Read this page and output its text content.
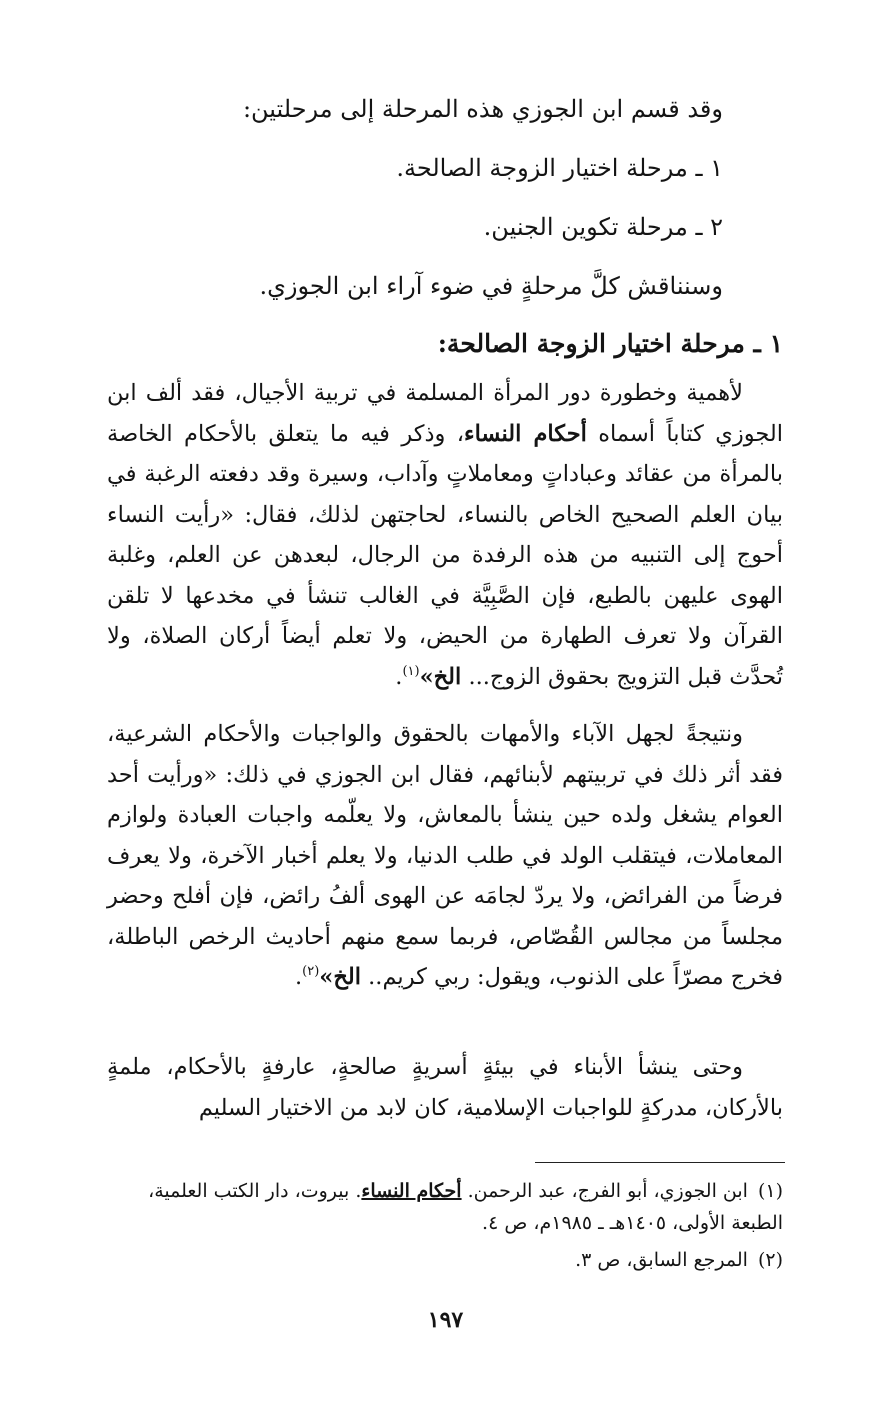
وقد قسم ابن الجوزي هذه المرحلة إلى مرحلتين:

١ ـ مرحلة اختيار الزوجة الصالحة.

٢ ـ مرحلة تكوين الجنين.

وسنناقش كلَّ مرحلةٍ في ضوء آراء ابن الجوزي.

١ ـ مرحلة اختيار الزوجة الصالحة:

لأهمية وخطورة دور المرأة المسلمة في تربية الأجيال، فقد ألف ابن الجوزي كتاباً أسماه أحكام النساء، وذكر فيه ما يتعلق بالأحكام الخاصة بالمرأة من عقائد وعباداتٍ ومعاملاتٍ وآداب، وسيرة وقد دفعته الرغبة في بيان العلم الصحيح الخاص بالنساء، لحاجتهن لذلك، فقال: «رأيت النساء أحوج إلى التنبيه من هذه الرفدة من الرجال، لبعدهن عن العلم، وغلبة الهوى عليهن بالطبع، فإن الصَّبِيَّة في الغالب تنشأ في مخدعها لا تلقن القرآن ولا تعرف الطهارة من الحيض، ولا تعلم أيضاً أركان الصلاة، ولا تُحدَّث قبل التزويج بحقوق الزوج... الخ»$^{(١)}$.

ونتيجةً لجهل الآباء والأمهات بالحقوق والواجبات والأحكام الشرعية، فقد أثر ذلك في تربيتهم لأبنائهم، فقال ابن الجوزي في ذلك: «ورأيت أحد العوام يشغل ولده حين ينشأ بالمعاش، ولا يعلّمه واجبات العبادة ولوازم المعاملات، فيتقلب الولد في طلب الدنيا، ولا يعلم أخبار الآخرة، ولا يعرف فرضاً من الفرائض، ولا يردّ لجامَه عن الهوى ألفُ رائض، فإن أفلح وحضر مجلساً من مجالس القُصّاص، فربما سمع منهم أحاديث الرخص الباطلة، فخرج مصرّاً على الذنوب، ويقول: ربي كريم.. الخ»$^{(٢)}$.

وحتى ينشأ الأبناء في بيئةٍ أسريةٍ صالحةٍ، عارفةٍ بالأحكام، ملمةٍ بالأركان، مدركةٍ للواجبات الإسلامية، كان لابد من الاختيار السليم

(١)ابن الجوزي، أبو الفرج، عبد الرحمن. أحكام النساء. بيروت، دار الكتب العلمية، الطبعة الأولى، ١٤٠٥هـ ـ ١٩٨٥م، ص ٤.

(٢)المرجع السابق، ص ٣.

١٩٧
